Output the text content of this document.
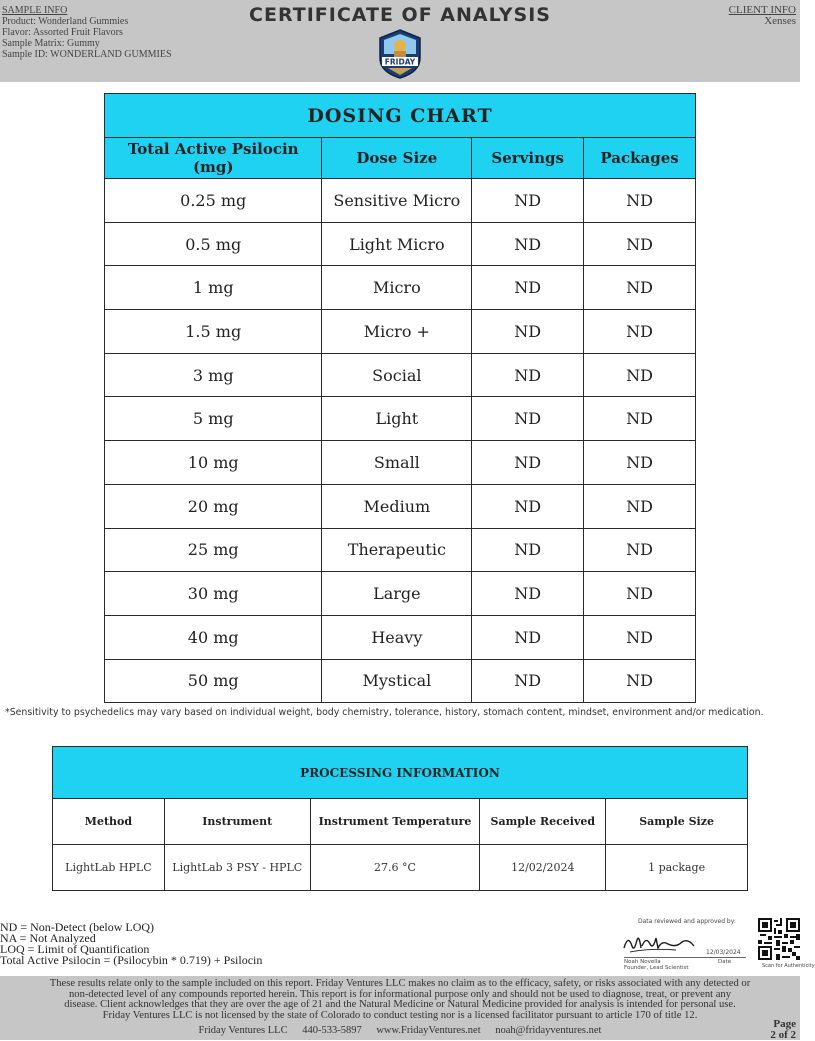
SAMPLE INFO
Product: Wonderland Gummies
Flavor: Assorted Fruit Flavors
Sample Matrix: Gummy
Sample ID: WONDERLAND GUMMIES
CERTIFICATE OF ANALYSIS
FRIDAY
CLIENT INFO
Xenses
DOSING CHART			
Total Active Psilocin (mg)	Dose Size	Servings	Packages
0.25 mg	Sensitive Micro	ND	ND
0.5 mg	Light Micro	ND	ND
1 mg	Micro	ND	ND
1.5 mg	Micro +	ND	ND
3 mg	Social	ND	ND
5 mg	Light	ND	ND
10 mg	Small	ND	ND
20 mg	Medium	ND	ND
25 mg	Therapeutic	ND	ND
30 mg	Large	ND	ND
40 mg	Heavy	ND	ND
50 mg	Mystical	ND	ND
*Sensitivity to psychedelics may vary based on individual weight, body chemistry, tolerance, history, stomach content, mindset, environment and/or medication.
PROCESSING INFORMATION				
Method	Instrument	Instrument Temperature	Sample Received	Sample Size
LightLab HPLC	LightLab 3 PSY - HPLC	27.6 °C	12/02/2024	1 package
ND = Non-Detect (below LOQ)
NA = Not Analyzed
LOQ = Limit of Quantification
Total Active Psilocin = (Psilocybin * 0.719) + Psilocin
Data reviewed and approved by:
12/03/2024
Noah Novella
Founder, Lead Scientist
Date
Scan for Authenticity
These results relate only to the sample included on this report. Friday Ventures LLC makes no claim as to the efficacy, safety, or risks associated with any detected or
non-detected level of any compounds reported herein. This report is for informational purpose only and should not be used to diagnose, treat, or prevent any
disease. Client acknowledges that they are over the age of 21 and the Natural Medicine or Natural Medicine provided for analysis is intended for personal use.
Friday Ventures LLC is not licensed by the state of Colorado to conduct testing nor is a licensed facilitator pursuant to article 170 of title 12.
Friday Ventures LLC 440-533-5897 www.FridayVentures.net noah@fridayventures.net
Page
2 of 2
